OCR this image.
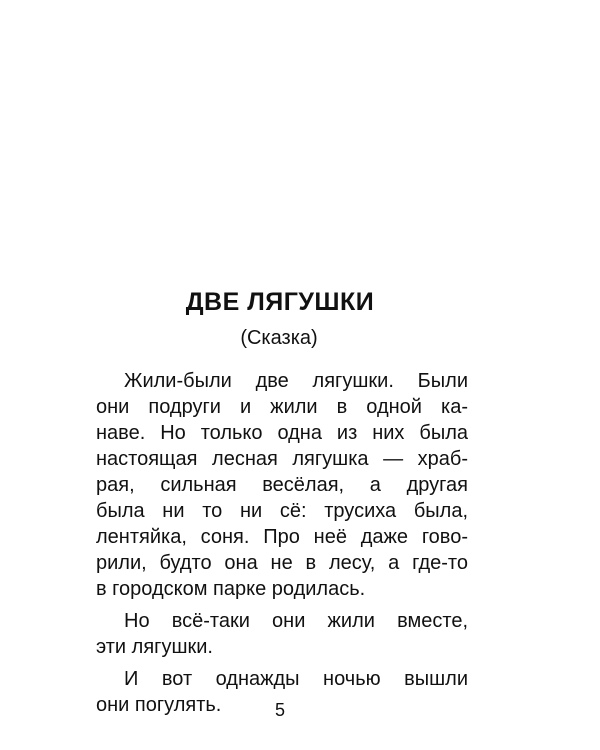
ДВЕ ЛЯГУШКИ
(Сказка)
Жили-были две лягушки. Были
они подруги и жили в одной ка-
наве. Но только одна из них была
настоящая лесная лягушка — храб-
рая, сильная весёлая, а другая
была ни то ни сё: трусиха была,
лентяйка, соня. Про неё даже гово-
рили, будто она не в лесу, а где-то
в городском парке родилась.
Но всё-таки они жили вместе,
эти лягушки.
И вот однажды ночью вышли
они погулять.	5
